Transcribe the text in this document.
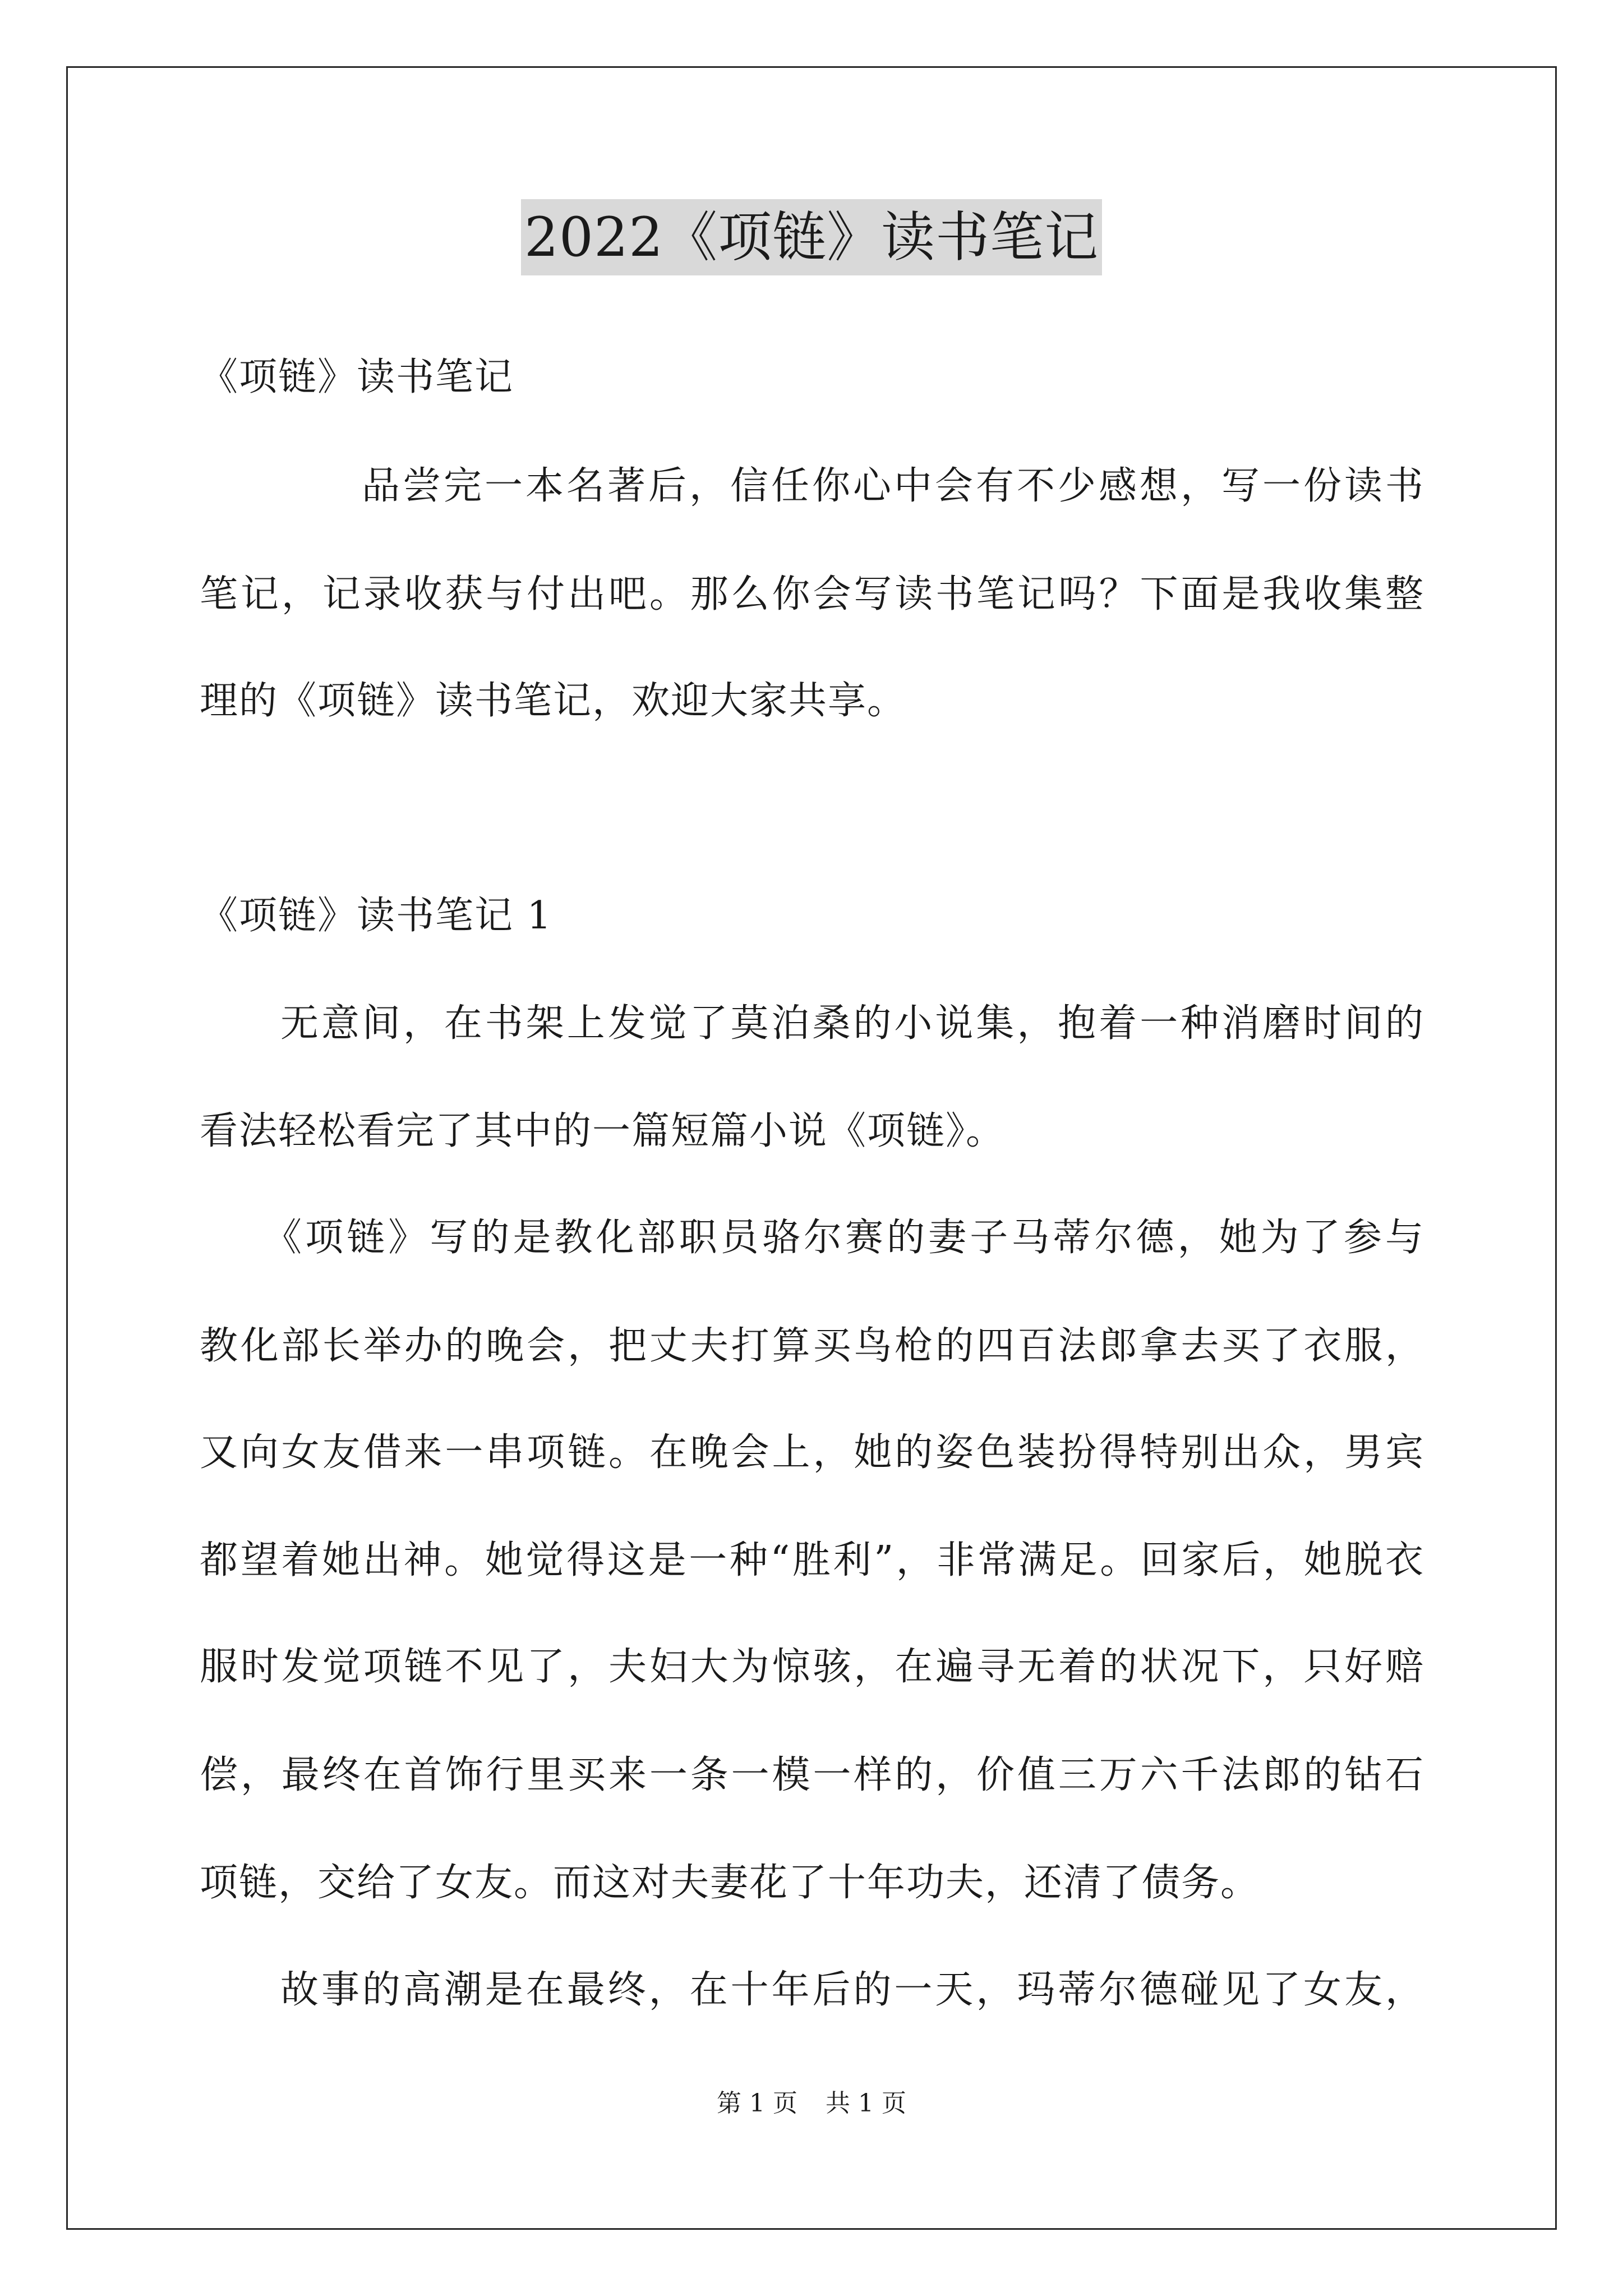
2022《项链》读书笔记
《项链》读书笔记
品尝完一本名著后，信任你心中会有不少感想，写一份读书
笔记，记录收获与付出吧。那么你会写读书笔记吗？下面是我收集整
理的《项链》读书笔记，欢迎大家共享。
《项链》读书笔记 1
无意间，在书架上发觉了莫泊桑的小说集，抱着一种消磨时间的
看法轻松看完了其中的一篇短篇小说《项链》。
《项链》写的是教化部职员骆尔赛的妻子马蒂尔德，她为了参与
教化部长举办的晚会，把丈夫打算买鸟枪的四百法郎拿去买了衣服，
又向女友借来一串项链。在晚会上，她的姿色装扮得特别出众，男宾
都望着她出神。她觉得这是一种“胜利”，非常满足。回家后，她脱衣
服时发觉项链不见了，夫妇大为惊骇，在遍寻无着的状况下，只好赔
偿，最终在首饰行里买来一条一模一样的，价值三万六千法郎的钻石
项链，交给了女友。而这对夫妻花了十年功夫，还清了债务。
故事的高潮是在最终，在十年后的一天，玛蒂尔德碰见了女友，
第 1 页 共 1 页
